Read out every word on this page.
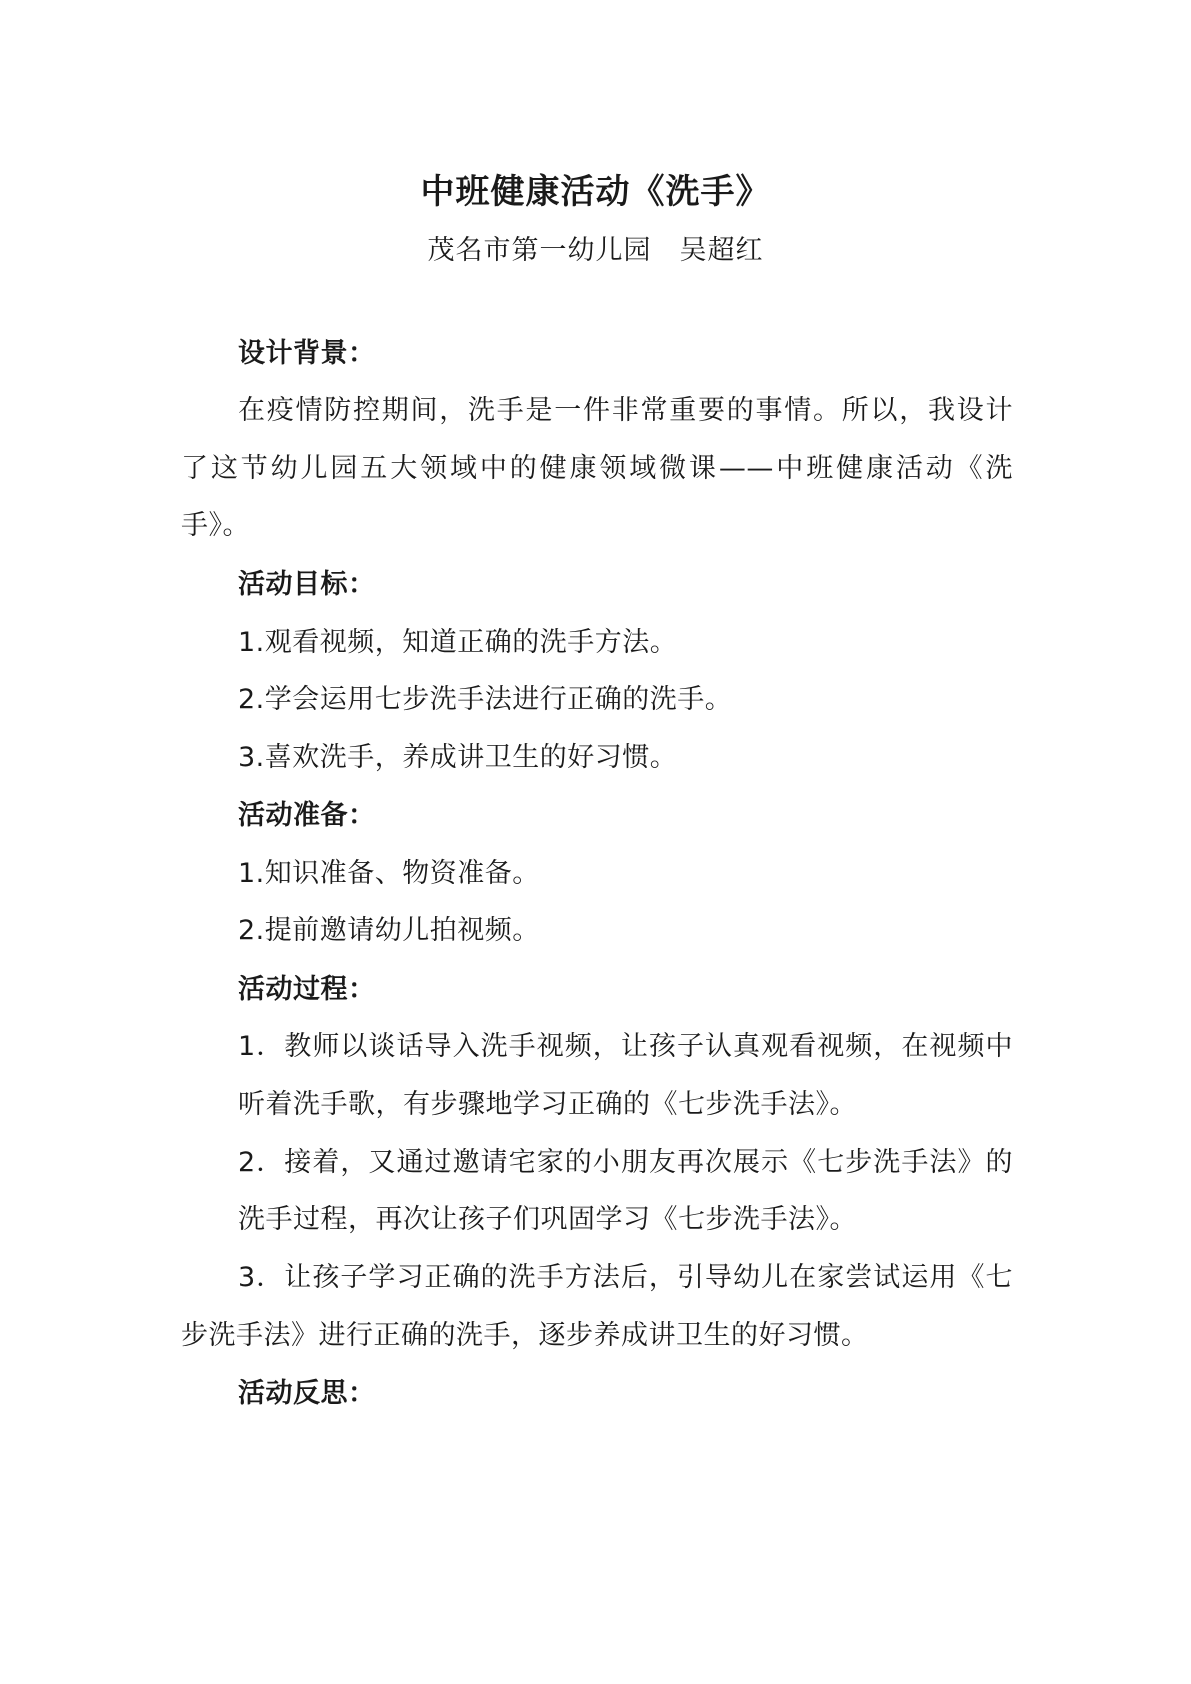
中班健康活动《洗手》
茂名市第一幼儿园　吴超红
设计背景：
在疫情防控期间，洗手是一件非常重要的事情。所以，我设计
了这节幼儿园五大领域中的健康领域微课——中班健康活动《洗
手》。
活动目标：
1.观看视频，知道正确的洗手方法。
2.学会运用七步洗手法进行正确的洗手。
3.喜欢洗手，养成讲卫生的好习惯。
活动准备：
1.知识准备、物资准备。
2.提前邀请幼儿拍视频。
活动过程：
1．教师以谈话导入洗手视频，让孩子认真观看视频，在视频中
听着洗手歌，有步骤地学习正确的《七步洗手法》。
2．接着，又通过邀请宅家的小朋友再次展示《七步洗手法》的
洗手过程，再次让孩子们巩固学习《七步洗手法》。
3．让孩子学习正确的洗手方法后，引导幼儿在家尝试运用《七
步洗手法》进行正确的洗手，逐步养成讲卫生的好习惯。
活动反思：
